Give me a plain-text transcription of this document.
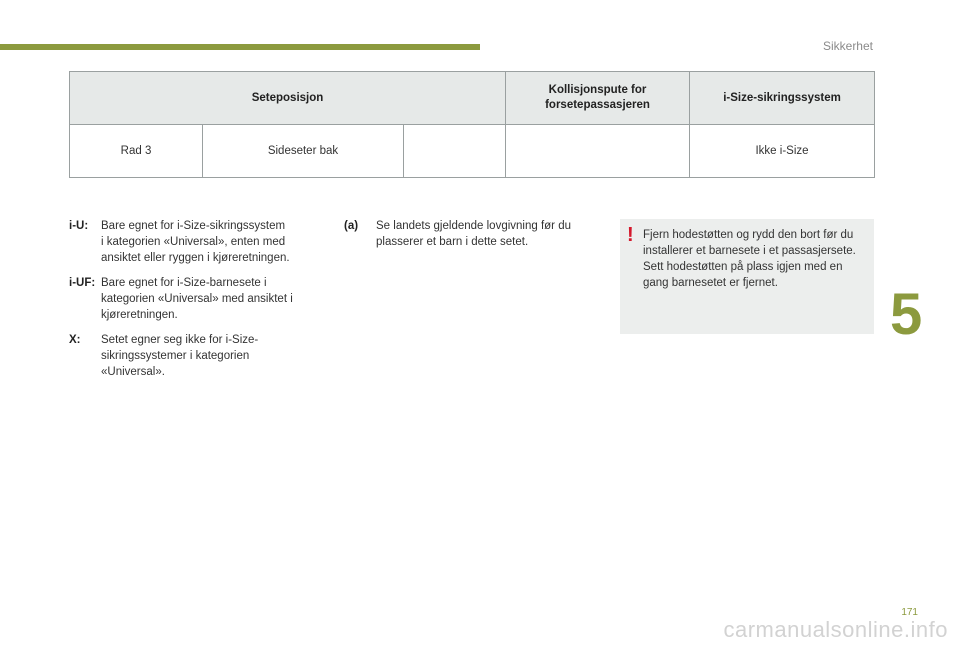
Sikkerhet
Seteposisjon			Kollisjonspute for
forsetepassasjeren	i-Size-sikringssystem
Rad 3	Sideseter bak			Ikke i-Size
i-U:	Bare egnet for i-Size-sikringssystem
i kategorien «Universal», enten med
ansiktet eller ryggen i kjøreretningen.
i-UF: Bare egnet for i-Size-barnesete i
kategorien «Universal» med ansiktet i
kjøreretningen.
X:	Setet egner seg ikke for i-Size-
sikringssystemer i kategorien
«Universal».
(a)	Se landets gjeldende lovgivning før du
plasserer et barn i dette setet.	! Fjern hodestøtten og rydd den bort før du
installerer et barnesete i et passasjersete.
Sett hodestøtten på plass igjen med en
gang barnesetet er fjernet.	5
171
carmanualsonline.info
